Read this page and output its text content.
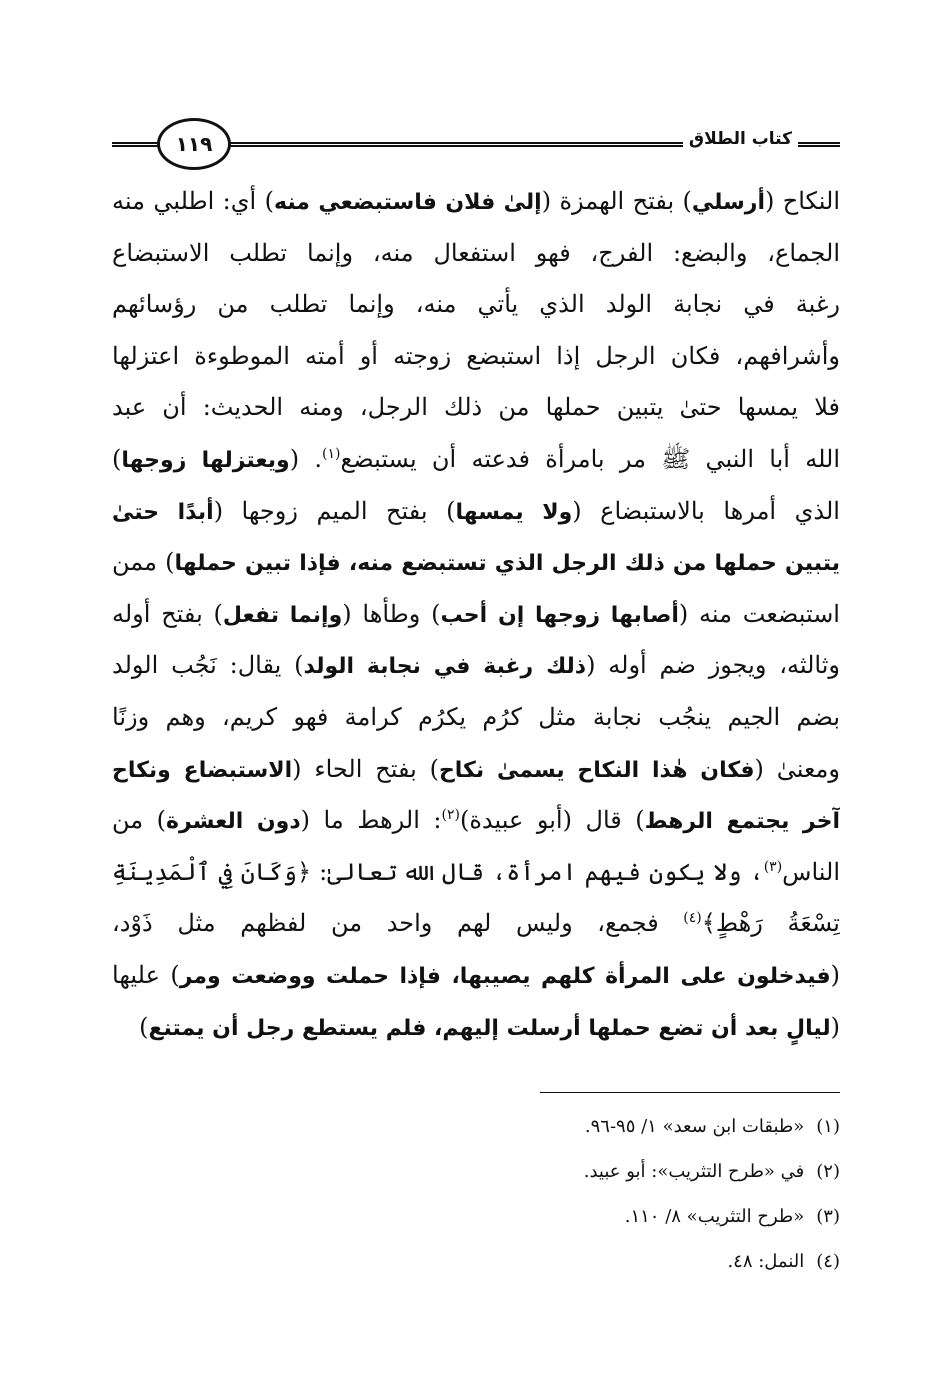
١١٩	كتاب الطلاق
النكاح (أرسلي) بفتح الهمزة (إلىٰ فلان فاستبضعي منه) أي: اطلبي منه
الجماع، والبضع: الفرج، فهو استفعال منه، وإنما تطلب الاستبضاع
رغبة في نجابة الولد الذي يأتي منه، وإنما تطلب من رؤسائهم
وأشرافهم، فكان الرجل إذا استبضع زوجته أو أمته الموطوءة اعتزلها
فلا يمسها حتىٰ يتبين حملها من ذلك الرجل، ومنه الحديث: أن عبد
الله أبا النبي ﷺ مر بامرأة فدعته أن يستبضع$^{(١)}$. (ويعتزلها زوجها)
الذي أمرها بالاستبضاع (ولا يمسها) بفتح الميم زوجها (أبدًا حتىٰ
يتبين حملها من ذلك الرجل الذي تستبضع منه، فإذا تبين حملها) ممن
استبضعت منه (أصابها زوجها إن أحب) وطأها (وإنما تفعل) بفتح أوله
وثالثه، ويجوز ضم أوله (ذلك رغبة في نجابة الولد) يقال: نَجُب الولد
بضم الجيم ينجُب نجابة مثل كرُم يكرُم كرامة فهو كريم، وهم وزنًا
ومعنىٰ (فكان هٰذا النكاح يسمىٰ نكاح) بفتح الحاء (الاستبضاع ونكاح
آخر يجتمع الرهط) قال (أبو عبيدة)$^{(٢)}$: الرهط ما (دون العشرة) من
الناس$^{(٣)}$، ولا يكون فيهم امرأة، قال الله تعالىٰ: ﴿وَكَانَ فِي ٱلْمَدِينَةِ
تِسْعَةُ رَهْطٍ﴾$^{(٤)}$ فجمع، وليس لهم واحد من لفظهم مثل ذَوْد،
(فيدخلون على المرأة كلهم يصيبها، فإذا حملت ووضعت ومر) عليها
(ليالٍ بعد أن تضع حملها أرسلت إليهم، فلم يستطع رجل أن يمتنع)
(١)«طبقات ابن سعد» ١/ ٩٥-٩٦.
(٢)في «طرح التثريب»: أبو عبيد.
(٣)«طرح التثريب» ٨/ ١١٠.
(٤)النمل: ٤٨.
